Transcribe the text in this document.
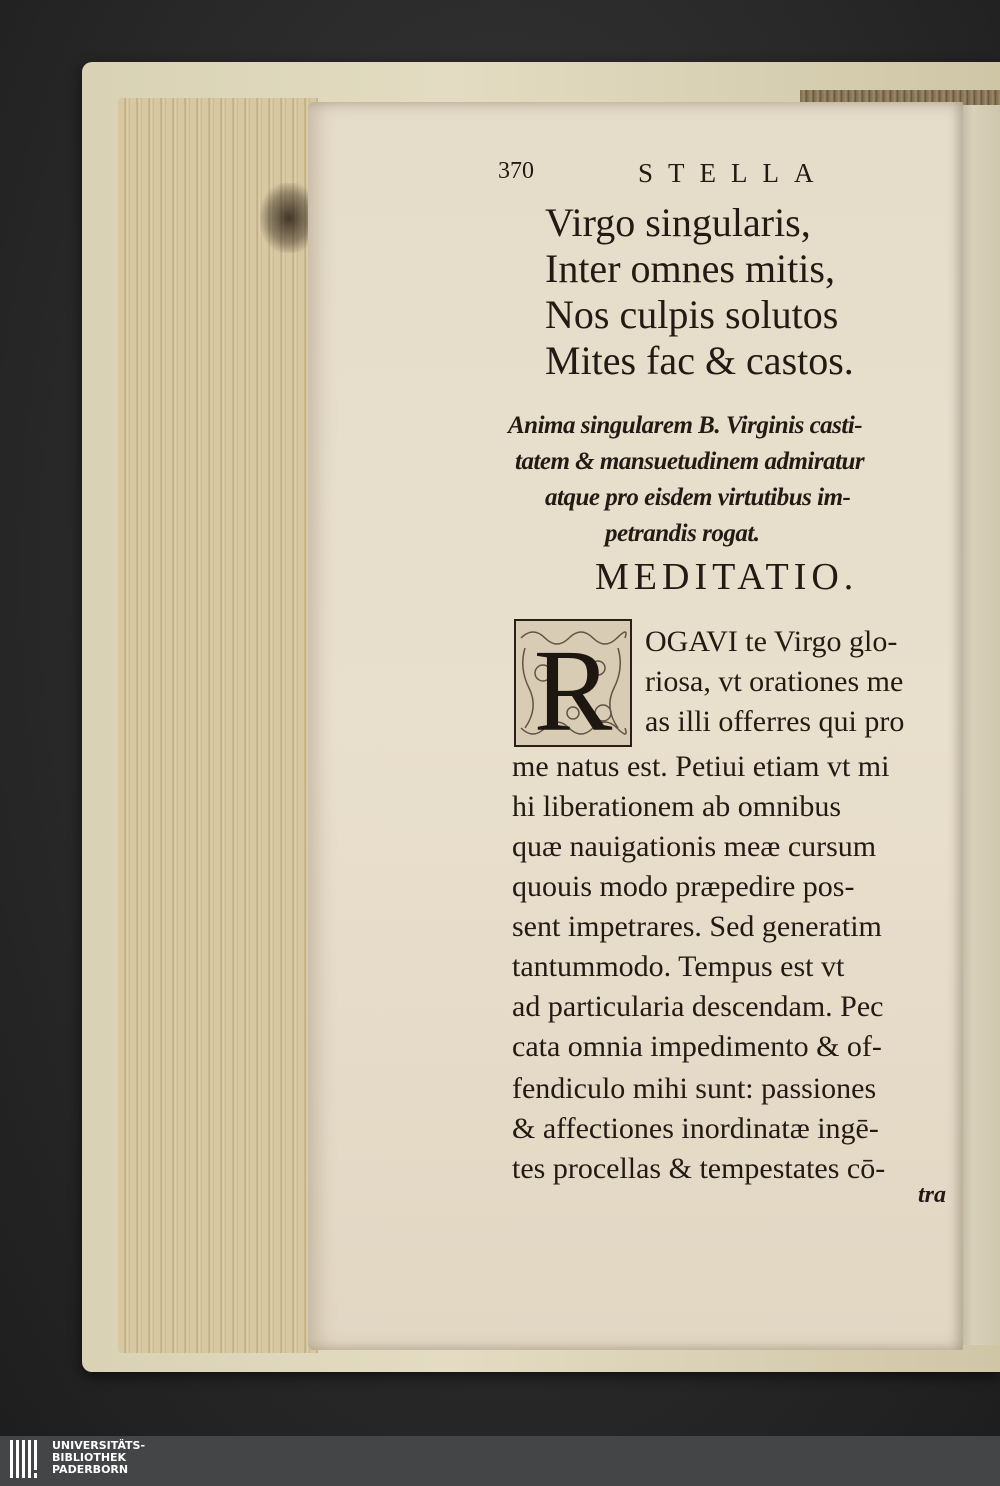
370	STELLA
Virgo singularis,
Inter omnes mitis,
Nos culpis solutos
Mites fac & castos.
Anima singularem B. Virginis casti-
tatem & mansuetudinem admiratur
atque pro eisdem virtutibus im-
petrandis rogat.
MEDITATIO.
R OGAVI te Virgo glo-
riosa, vt orationes me
as illi offerres qui pro
me natus est. Petiui etiam vt mi
hi liberationem ab omnibus
quæ nauigationis meæ cursum
quouis modo præpedire pos-
sent impetrares. Sed generatim
tantummodo. Tempus est vt
ad particularia descendam. Pec
cata omnia impedimento & of-
fendiculo mihi sunt: passiones
& affectiones inordinatæ ingē-
tes procellas & tempestates cō-
tra
UNIVERSITÄTS-
BIBLIOTHEK
PADERBORN
